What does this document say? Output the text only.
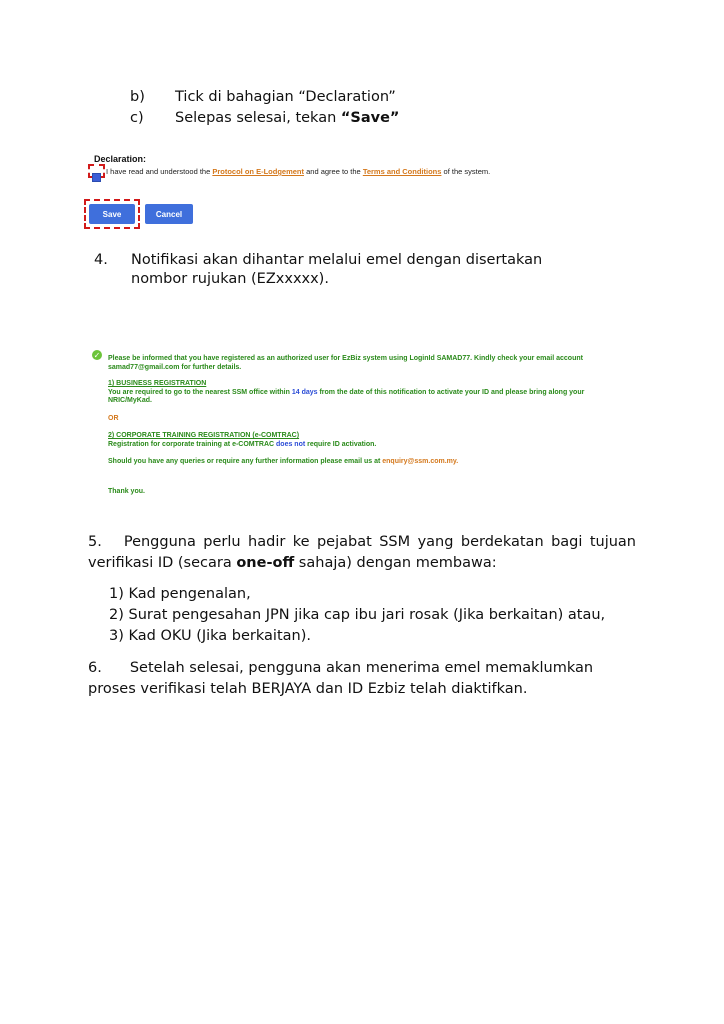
b) Tick di bahagian “Declaration”
c) Selepas selesai, tekan “Save”
Declaration:
I have read and understood the Protocol on E-Lodgement and agree to the Terms and Conditions of the system.
Save	Cancel
4. Notifikasi akan dihantar melalui emel dengan disertakan
nombor rujukan (EZxxxxx).
✓ Please be informed that you have registered as an authorized user for EzBiz system using LoginId SAMAD77. Kindly check your email account
samad77@gmail.com for further details.
1) BUSINESS REGISTRATION
You are required to go to the nearest SSM office within 14 days from the date of this notification to activate your ID and please bring along your
NRIC/MyKad.
OR
2) CORPORATE TRAINING REGISTRATION (e-COMTRAC)
Registration for corporate training at e-COMTRAC does not require ID activation.
Should you have any queries or require any further information please email us at enquiry@ssm.com.my.
Thank you.
5. Pengguna perlu hadir ke pejabat SSM yang berdekatan bagi tujuan
verifikasi ID (secara one-off sahaja) dengan membawa:
1) Kad pengenalan,
2) Surat pengesahan JPN jika cap ibu jari rosak (Jika berkaitan) atau,
3) Kad OKU (Jika berkaitan).
6. Setelah selesai, pengguna akan menerima emel memaklumkan
proses verifikasi telah BERJAYA dan ID Ezbiz telah diaktifkan.
